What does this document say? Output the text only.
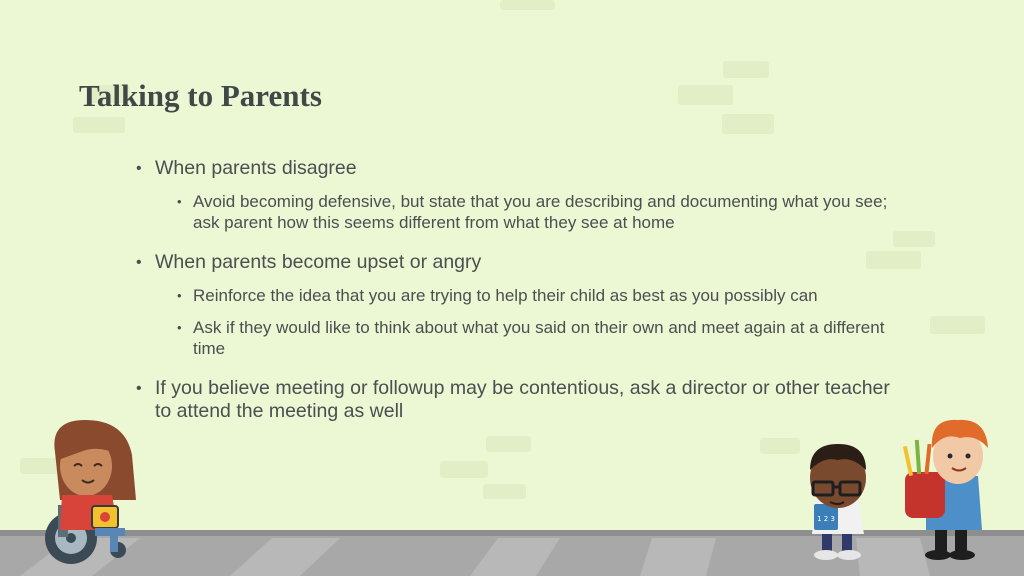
Talking to Parents
• When parents disagree
• Avoid becoming defensive, but state that you are describing and documenting what you see; ask parent how this seems different from what they see at home
• When parents become upset or angry
• Reinforce the idea that you are trying to help their child as best as you possibly can
• Ask if they would like to think about what you said on their own and meet again at a different time
• If you believe meeting or followup may be contentious, ask a director or other teacher to attend the meeting as well
1 2 3
